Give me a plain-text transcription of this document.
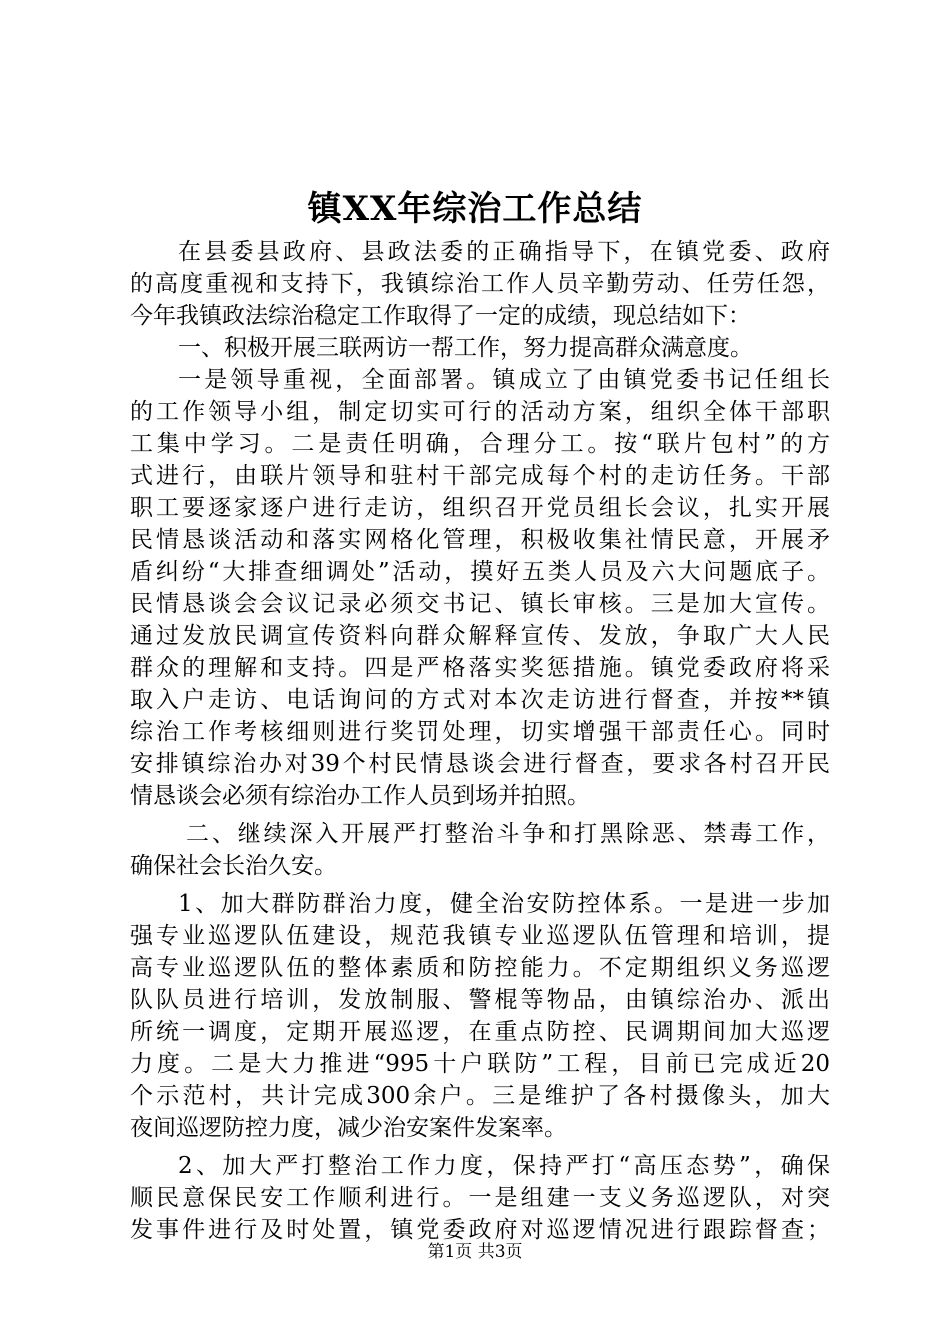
镇XX年综治工作总结
在县委县政府、县政法委的正确指导下，在镇党委、政府
的高度重视和支持下，我镇综治工作人员辛勤劳动、任劳任怨，
今年我镇政法综治稳定工作取得了一定的成绩，现总结如下：
一、积极开展三联两访一帮工作，努力提高群众满意度。
一是领导重视，全面部署。镇成立了由镇党委书记任组长
的工作领导小组，制定切实可行的活动方案，组织全体干部职
工集中学习。二是责任明确，合理分工。按“联片包村”的方
式进行，由联片领导和驻村干部完成每个村的走访任务。干部
职工要逐家逐户进行走访，组织召开党员组长会议，扎实开展
民情恳谈活动和落实网格化管理，积极收集社情民意，开展矛
盾纠纷“大排查细调处”活动，摸好五类人员及六大问题底子。
民情恳谈会会议记录必须交书记、镇长审核。三是加大宣传。
通过发放民调宣传资料向群众解释宣传、发放，争取广大人民
群众的理解和支持。四是严格落实奖惩措施。镇党委政府将采
取入户走访、电话询问的方式对本次走访进行督查，并按**镇
综治工作考核细则进行奖罚处理，切实增强干部责任心。同时
安排镇综治办对39个村民情恳谈会进行督查，要求各村召开民
情恳谈会必须有综治办工作人员到场并拍照。
二、继续深入开展严打整治斗争和打黑除恶、禁毒工作，
确保社会长治久安。
1、加大群防群治力度，健全治安防控体系。一是进一步加
强专业巡逻队伍建设，规范我镇专业巡逻队伍管理和培训，提
高专业巡逻队伍的整体素质和防控能力。不定期组织义务巡逻
队队员进行培训，发放制服、警棍等物品，由镇综治办、派出
所统一调度，定期开展巡逻，在重点防控、民调期间加大巡逻
力度。二是大力推进“995十户联防”工程，目前已完成近20
个示范村，共计完成300余户。三是维护了各村摄像头，加大
夜间巡逻防控力度，减少治安案件发案率。
2、加大严打整治工作力度，保持严打“高压态势”，确保
顺民意保民安工作顺利进行。一是组建一支义务巡逻队，对突
发事件进行及时处置，镇党委政府对巡逻情况进行跟踪督查；
第1页 共3页
